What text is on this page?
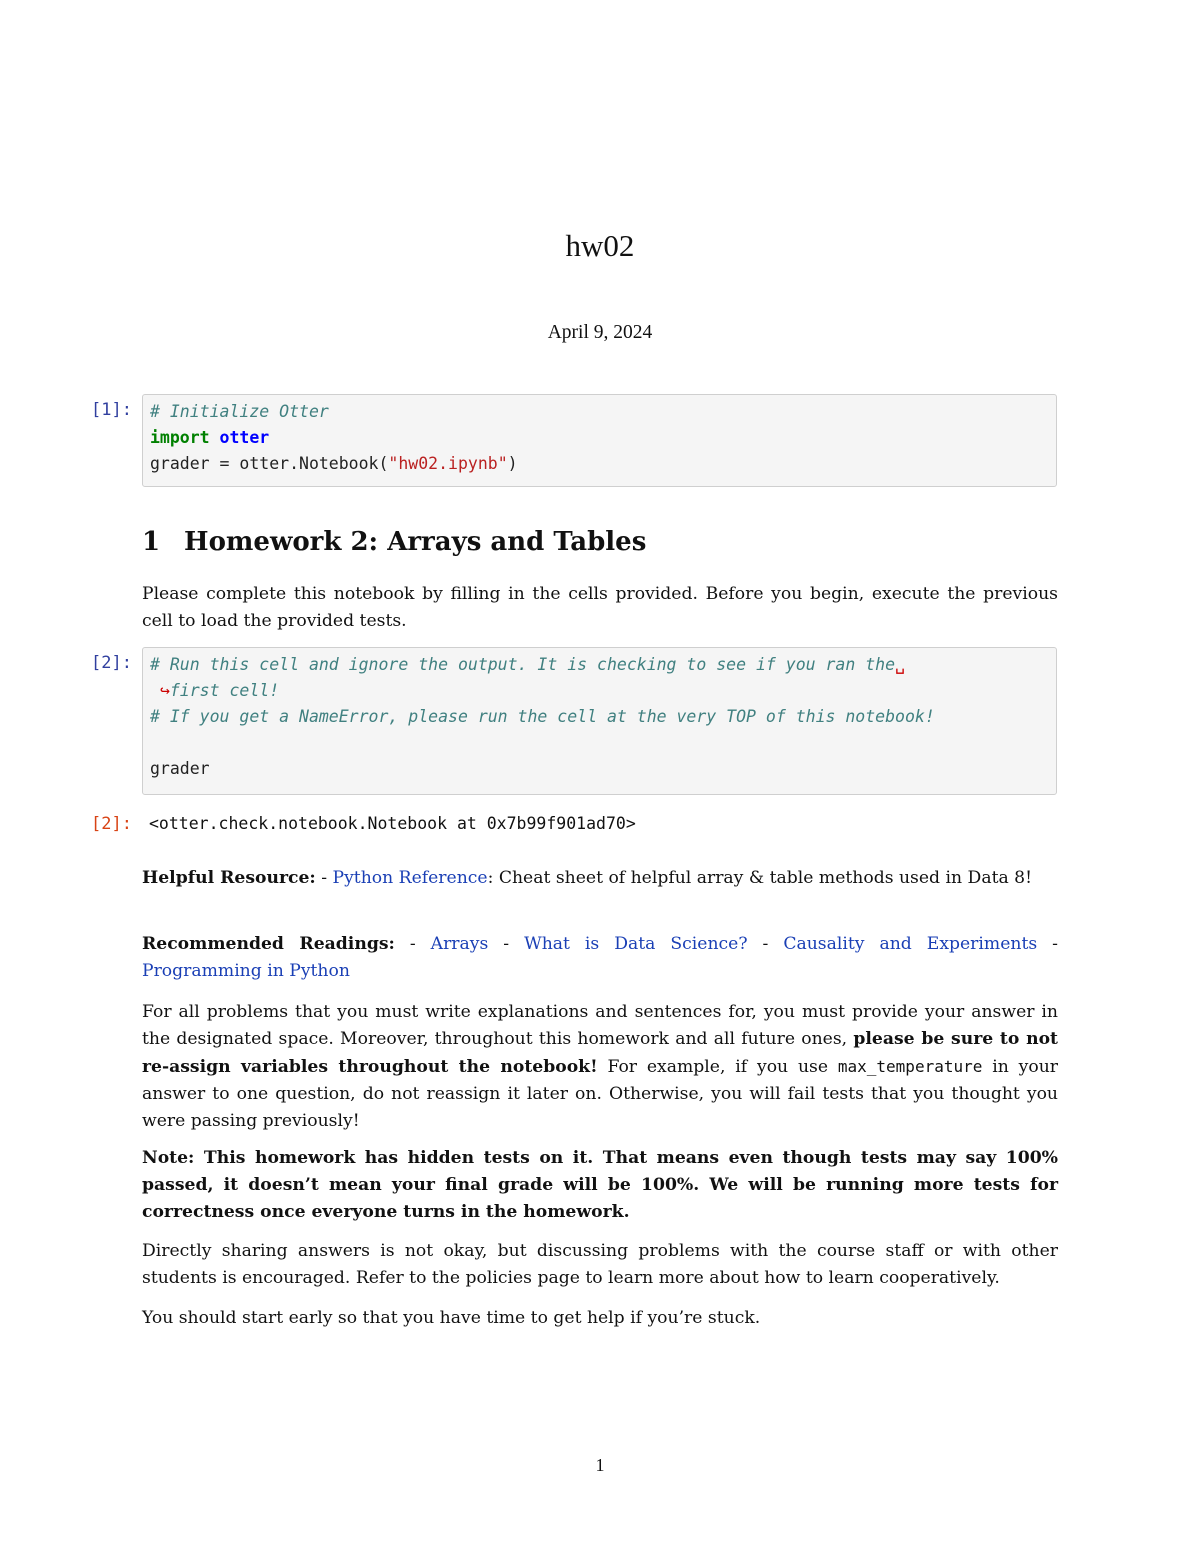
hw02
April 9, 2024
[1]:	# Initialize Otter
import otter
grader = otter.Notebook("hw02.ipynb")
1 Homework 2: Arrays and Tables
Please complete this notebook by filling in the cells provided. Before you begin, execute the previous cell to load the provided tests.
[2]:	# Run this cell and ignore the output. It is checking to see if you ran the␣
↪first cell!
# If you get a NameError, please run the cell at the very TOP of this notebook!

grader
[2]: <otter.check.notebook.Notebook at 0x7b99f901ad70>
Helpful Resource: - Python Reference: Cheat sheet of helpful array & table methods used in Data 8!
Recommended Readings: - Arrays - What is Data Science? - Causality and Experiments - Programming in Python
For all problems that you must write explanations and sentences for, you must provide your answer in the designated space. Moreover, throughout this homework and all future ones, please be sure to not re-assign variables throughout the notebook! For example, if you use max_temperature in your answer to one question, do not reassign it later on. Otherwise, you will fail tests that you thought you were passing previously!
Note: This homework has hidden tests on it. That means even though tests may say 100% passed, it doesn’t mean your final grade will be 100%. We will be running more tests for correctness once everyone turns in the homework.
Directly sharing answers is not okay, but discussing problems with the course staff or with other students is encouraged. Refer to the policies page to learn more about how to learn cooperatively.
You should start early so that you have time to get help if you’re stuck.
1
